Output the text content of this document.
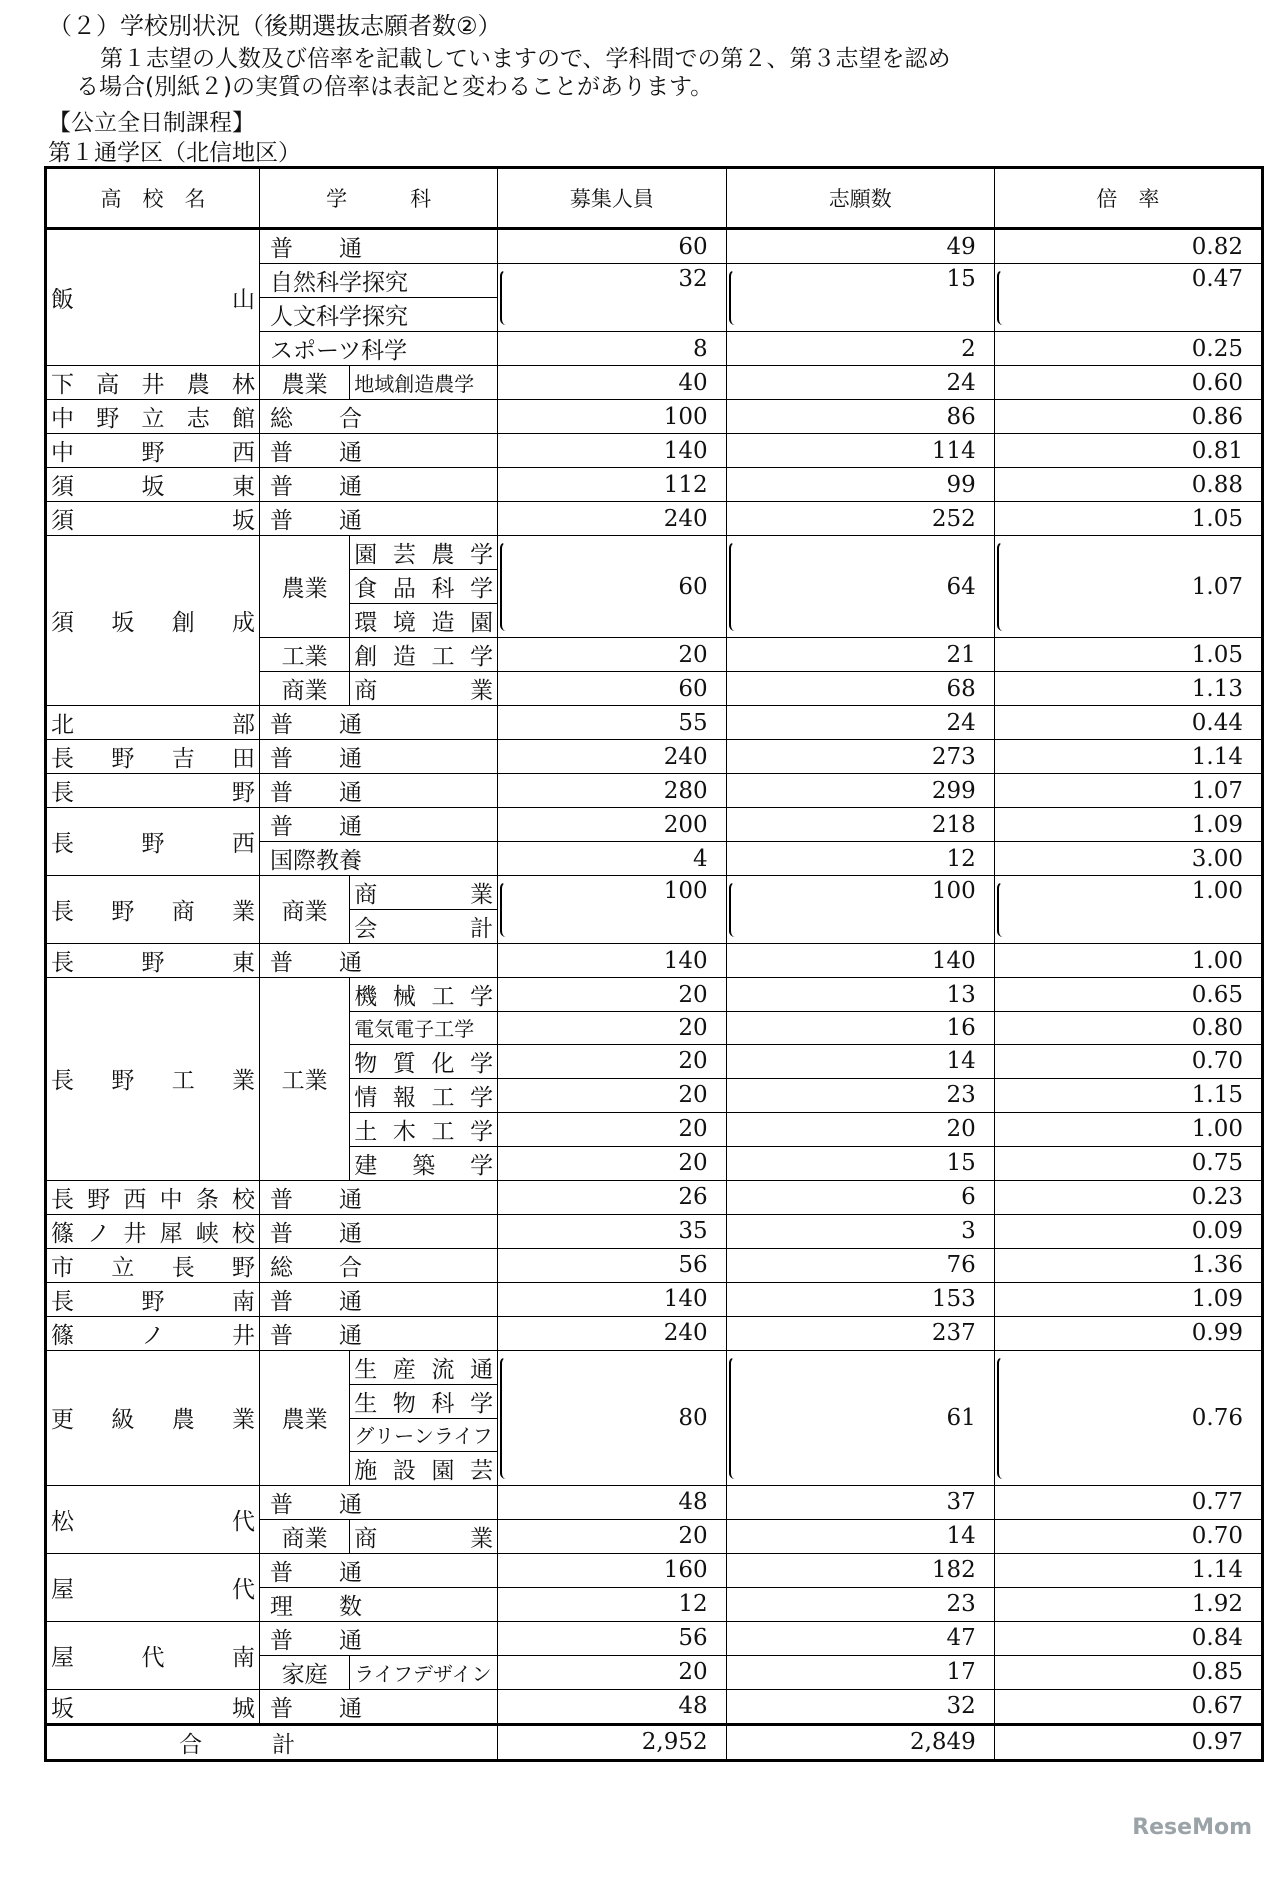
（２）学校別状況（後期選抜志願者数②）
第１志望の人数及び倍率を記載していますので、学科間での第２、第３志望を認め
る場合(別紙２)の実質の倍率は表記と変わることがあります。
【公立全日制課程】
第１通学区（北信地区）
高　校　名	学　　　科		募集人員	志願数	倍　率
飯山	普　　通		60	49	0.82
	自然科学探究		32	15	0.47
	人文科学探究				
	スポーツ科学		8	2	0.25
下高井農林	農業	地域創造農学	40	24	0.60
中野立志館	総　　合		100	86	0.86
中野西	普　　通		140	114	0.81
須坂東	普　　通		112	99	0.88
須坂	普　　通		240	252	1.05
須坂創成	農業	園芸農学	60	64	1.07
		食品科学			
		環境造園			
	工業	創造工学	20	21	1.05
	商業	商業	60	68	1.13
北部	普　　通		55	24	0.44
長野吉田	普　　通		240	273	1.14
長野	普　　通		280	299	1.07
長野西	普　　通		200	218	1.09
	国際教養		4	12	3.00
長野商業	商業	商業	100	100	1.00
		会計			
長野東	普　　通		140	140	1.00
長野工業	工業	機械工学	20	13	0.65
		電気電子工学	20	16	0.80
		物質化学	20	14	0.70
		情報工学	20	23	1.15
		土木工学	20	20	1.00
		建築学	20	15	0.75
長野西中条校	普　　通		26	6	0.23
篠ノ井犀峡校	普　　通		35	3	0.09
市立長野	総　　合		56	76	1.36
長野南	普　　通		140	153	1.09
篠ノ井	普　　通		240	237	0.99
更級農業	農業	生産流通	80	61	0.76
		生物科学			
		グリーンライフ			
		施設園芸			
松代	普　　通		48	37	0.77
	商業	商業	20	14	0.70
屋代	普　　通		160	182	1.14
	理　　数		12	23	1.92
屋代南	普　　通		56	47	0.84
	家庭	ライフデザイン	20	17	0.85
坂城	普　　通		48	32	0.67
合計			2,952	2,849	0.97
ReseMom
